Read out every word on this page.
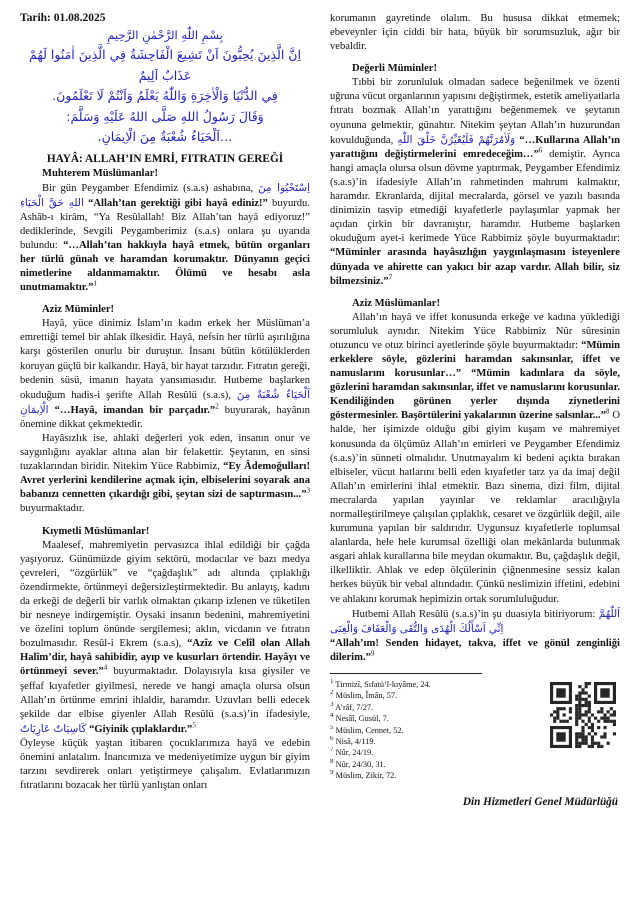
Tarih: 01.08.2025
بِسْمِ اللّٰهِ الرَّحْمٰنِ الرَّحِيمِ
اِنَّ الَّذِينَ يُحِبُّونَ اَنْ تَشِيعَ الْفَاحِشَةُ فِي الَّذِينَ اٰمَنُوا لَهُمْ عَذَابٌ اَلِيمٌ
فِي الدُّنْيَا وَالْاٰخِرَةِ وَاللّٰهُ يَعْلَمُ وَاَنْتُمْ لَا تَعْلَمُونَ.
وَقَالَ رَسُولُ اللهِ صَلَّى اللهُ عَلَيْهِ وَسَلَّمَ:
…اَلْحَيَاءُ شُعْبَةٌ مِنَ الْاِيمَانِ.
HAYÂ: ALLAH’IN EMRİ, FITRATIN GEREĞİ
Muhterem Müslümanlar!
Bir gün Peygamber Efendimiz (s.a.s) ashabına, اِسْتَحْيُوا مِنَ اللهِ حَقَّ الْحَيَاءِ “Allah’tan gerektiği gibi hayâ ediniz!” buyurdu. Ashâb-ı kirâm, “Ya Resûlallah! Biz Allah’tan hayâ ediyoruz!” dediklerinde, Sevgili Peygamberimiz (s.a.s) onlara şu uyarıda bulundu: “…Allah’tan hakkıyla hayâ etmek, bütün organları her türlü günah ve haramdan korumaktır. Dünyanın geçici nimetlerine aldanmamaktır. Ölümü ve hesabı asla unutmamaktır.”$^1$
Aziz Müminler!
Hayâ, yüce dinimiz İslam’ın kadın erkek her Müslüman’a emrettiği temel bir ahlak ilkesidir. Hayâ, nefsin her türlü aşırılığına karşı gösterilen onurlu bir duruştur. İnsanı bütün kötülüklerden koruyan güçlü bir kalkandır. Hayâ, bir hayat tarzıdır. Fıtratın gereği, bedenin süsü, imanın hayata yansımasıdır. Hutbeme başlarken okuduğum hadis-i şerifte Allah Resûlü (s.a.s), اَلْحَيَاءُ شُعْبَةٌ مِنَ الْاِيمَانِ “…Hayâ, imandan bir parçadır.”$^2$ buyurarak, hayânın önemine dikkat çekmektedir.
Hayâsızlık ise, ahlaki değerleri yok eden, insanın onur ve saygınlığını ayaklar altına alan bir felakettir. Şeytanın, en sinsi tuzaklarından biridir. Nitekim Yüce Rabbimiz, “Ey Âdemoğulları! Avret yerlerini kendilerine açmak için, elbiselerini soyarak ana babanızı cennetten çıkardığı gibi, şeytan sizi de saptırmasın...”$^3$ buyurmaktadır.
Kıymetli Müslümanlar!
Maalesef, mahremiyetin pervasızca ihlal edildiği bir çağda yaşıyoruz. Günümüzde giyim sektörü, modacılar ve bazı medya çevreleri, “özgürlük” ve “çağdaşlık” adı altında çıplaklığı özendirmekte, örtünmeyi değersizleştirmektedir. Bu anlayış, kadını da erkeği de değerli bir varlık olmaktan çıkarıp izlenen ve tüketilen bir nesneye indirgemiştir. Oysaki insanın bedenini, mahremiyetini ve özelini toplum önünde sergilemesi; aklın, vicdanın ve fıtratın bozulmasıdır. Resûl-i Ekrem (s.a.s), “Azîz ve Celîl olan Allah Halîm’dir, hayâ sahibidir, ayıp ve kusurları örtendir. Hayâyı ve örtünmeyi sever.”$^4$ buyurmaktadır. Dolayısıyla kısa giysiler ve şeffaf kıyafetler giyilmesi, nerede ve hangi amaçla olursa olsun Allah’ın örtünme emrini ihlaldir, haramdır. Uzuvları belli edecek şekilde dar elbise giyenler Allah Resûlü (s.a.s)’in ifadesiyle, كَاسِيَاتٌ عَارِيَاتٌ “Giyinik çıplaklardır.”$^5$
Öyleyse küçük yaştan itibaren çocuklarımıza hayâ ve edebin önemini anlatalım. İnancımıza ve medeniyetimize uygun bir giyim tarzını sevdirerek onları yetiştirmeye çalışalım. Evlatlarımızın fıtratlarını bozacak her türlü yanlıştan onları
korumanın gayretinde olalım. Bu hususa dikkat etmemek; ebeveynler için ciddi bir hata, büyük bir sorumsuzluk, ağır bir vebaldir.
Değerli Müminler!
Tıbbi bir zorunluluk olmadan sadece beğenilmek ve özenti uğruna vücut organlarının yapısını değiştirmek, estetik ameliyatlarla fıtratı bozmak Allah’ın yarattığını beğenmemek ve şeytanın oyununa gelmektir, günahtır. Nitekim şeytan Allah’ın huzurundan kovulduğunda, وَلَاٰمُرَنَّهُمْ فَلَيُغَيِّرُنَّ خَلْقَ اللّٰهِ “…Kullarına Allah’ın yarattığını değiştirmelerini emredeceğim…”$^6$ demiştir. Ayrıca hangi amaçla olursa olsun dövme yaptırmak, Peygamber Efendimiz (s.a.s)’in ifadesiyle Allah’ın rahmetinden mahrum kalmaktır, haramdır. Ekranlarda, dijital mecralarda, görsel ve yazılı basında dinimizin tasvip etmediği kıyafetlerle paylaşımlar yapmak her açıdan çirkin bir davranıştır, haramdır. Hutbeme başlarken okuduğum ayet-i kerimede Yüce Rabbimiz şöyle buyurmaktadır: “Müminler arasında hayâsızlığın yaygınlaşmasını isteyenlere dünyada ve ahirette can yakıcı bir azap vardır. Allah bilir, siz bilmezsiniz.”$^7$
Aziz Müslümanlar!
Allah’ın hayâ ve iffet konusunda erkeğe ve kadına yüklediği sorumluluk aynıdır. Nitekim Yüce Rabbimiz Nûr sûresinin otuzuncu ve otuz birinci ayetlerinde şöyle buyurmaktadır: “Mümin erkeklere söyle, gözlerini haramdan sakınsınlar, iffet ve namuslarını korusunlar…” “Mümin kadınlara da söyle, gözlerini haramdan sakınsınlar, iffet ve namuslarını korusunlar. Kendiliğinden görünen yerler dışında ziynetlerini göstermesinler. Başörtülerini yakalarının üzerine salsınlar...”$^8$ O halde, her işimizde olduğu gibi giyim kuşam ve mahremiyet konusunda da ölçümüz Allah’ın emirleri ve Peygamber Efendimiz (s.a.s)’in sünneti olmalıdır. Unutmayalım ki bedeni açıkta bırakan elbiseler, vücut hatlarını belli eden kıyafetler tarz ya da imaj değil Allah’ın emirlerini ihlal etmektir. Bazı sinema, dizi film, dijital mecralarda yapılan yayınlar ve reklamlar aracılığıyla normalleştirilmeye çalışılan çıplaklık, cesaret ve özgürlük değil, aile kurumuna yapılan bir saldırıdır. Uygunsuz kıyafetlerle toplumsal alanlarda, hele hele kurumsal özelliği olan mekânlarda bulunmak asgari ahlak kurallarına bile meydan okumaktır. Bu, çağdaşlık değil, ilkelliktir. Ahlak ve edep ölçülerinin çiğnenmesine sessiz kalan herkes büyük bir vebal altındadır. Çünkü neslimizin iffetini, edebini ve ahlakını korumak hepimizin ortak sorumluluğudur.
Hutbemi Allah Resûlü (s.a.s)’in şu duasıyla bitiriyorum: اَللّٰهُمَّ اِنِّي اَسْأَلُكَ الْهُدَى وَالتُّقَى وَالْعَفَافَ وَالْغِنَى
“Allah’ım! Senden hidayet, takva, iffet ve gönül zenginliği dilerim.”$^9$
$^1$ Tirmizî, Sıfatü’l-kıyâme, 24.
$^2$ Müslim, Îmân, 57.
$^3$ A’râf, 7/27.
$^4$ Nesâî, Gusül, 7.
$^5$ Müslim, Cennet, 52.
$^6$ Nisâ, 4/119.
$^7$ Nûr, 24/19.
$^8$ Nûr, 24/30, 31.
$^9$ Müslim, Zikir, 72.
Din Hizmetleri Genel Müdürlüğü
